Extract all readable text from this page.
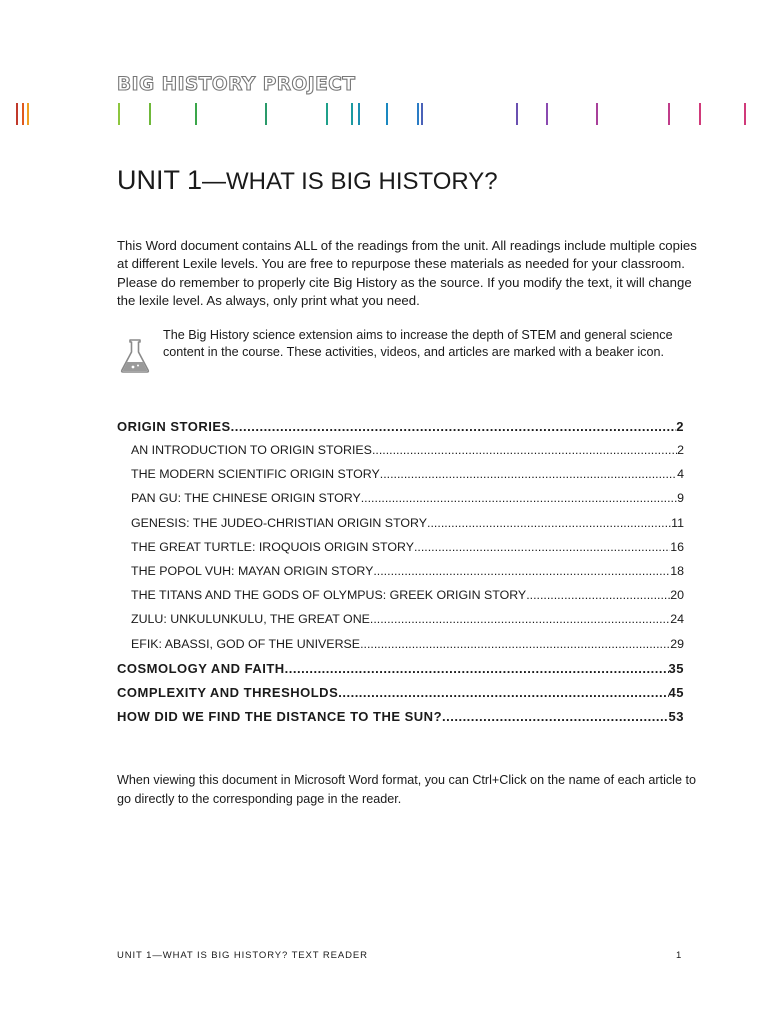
BIG HISTORY PROJECT
UNIT 1—WHAT IS BIG HISTORY?

This Word document contains ALL of the readings from the unit. All readings include multiple copies at different Lexile levels. You are free to repurpose these materials as needed for your classroom. Please do remember to properly cite Big History as the source. If you modify the text, it will change the lexile level. As always, only print what you need.

The Big History science extension aims to increase the depth of STEM and general science content in the course. These activities, videos, and articles are marked with a beaker icon.

ORIGIN STORIES .....	2
AN INTRODUCTION TO ORIGIN STORIES .....	2
THE MODERN SCIENTIFIC ORIGIN STORY .....	4
PAN GU: THE CHINESE ORIGIN STORY .....	9
GENESIS: THE JUDEO-CHRISTIAN ORIGIN STORY .....	11
THE GREAT TURTLE: IROQUOIS ORIGIN STORY .....	16
THE POPOL VUH: MAYAN ORIGIN STORY .....	18
THE TITANS AND THE GODS OF OLYMPUS: GREEK ORIGIN STORY .....	20
ZULU: UNKULUNKULU, THE GREAT ONE .....	24
EFIK: ABASSI, GOD OF THE UNIVERSE .....	29
COSMOLOGY AND FAITH .....	35
COMPLEXITY AND THRESHOLDS .....	45
HOW DID WE FIND THE DISTANCE TO THE SUN? .....	53

When viewing this document in Microsoft Word format, you can Ctrl+Click on the name of each article to go directly to the corresponding page in the reader.

UNIT 1—WHAT IS BIG HISTORY? TEXT READER	1
